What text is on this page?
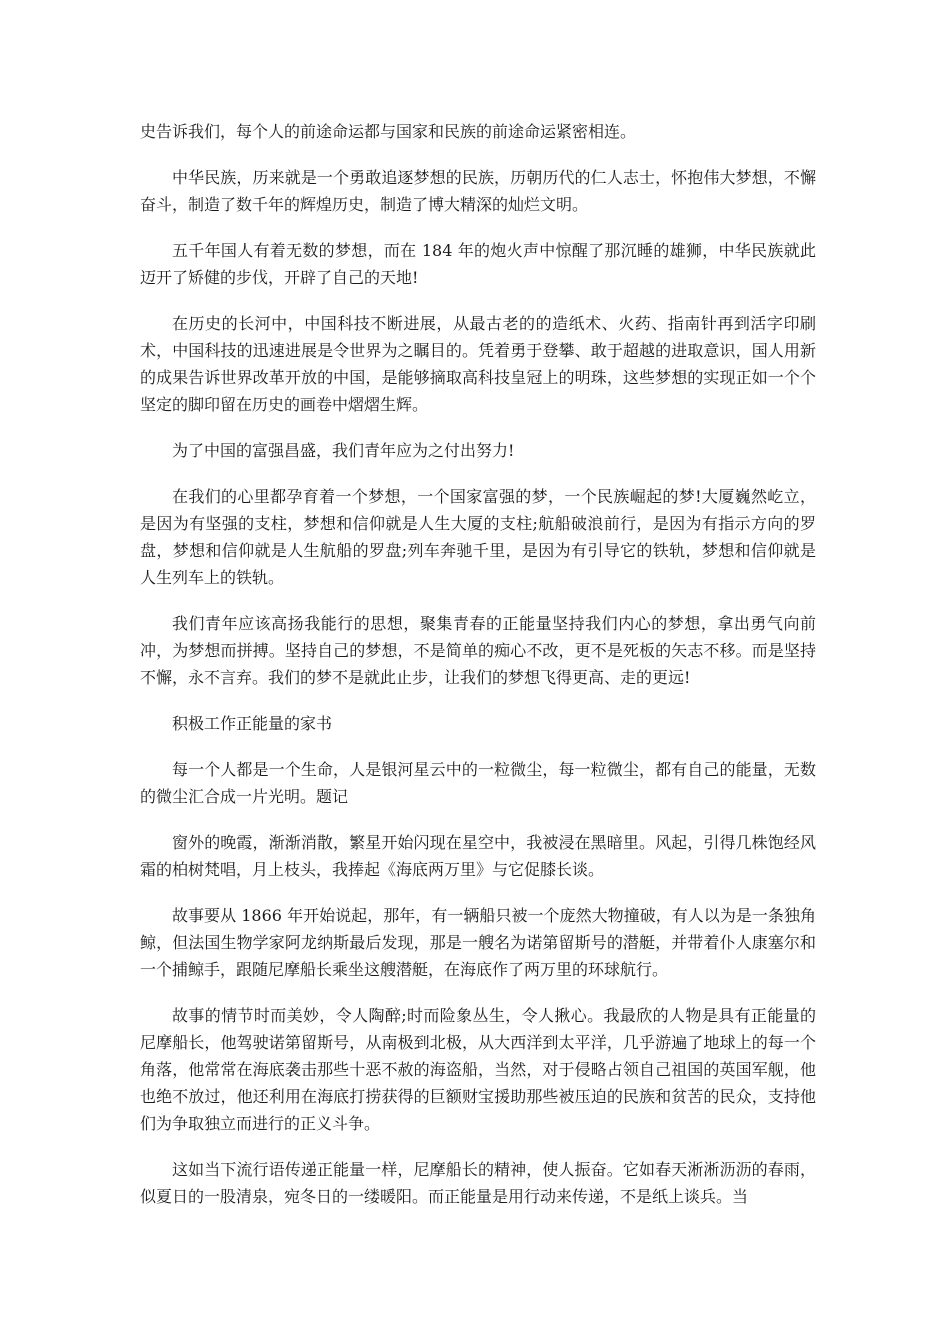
史告诉我们，每个人的前途命运都与国家和民族的前途命运紧密相连。

中华民族，历来就是一个勇敢追逐梦想的民族，历朝历代的仁人志士，怀抱伟大梦想，不懈奋斗，制造了数千年的辉煌历史，制造了博大精深的灿烂文明。

五千年国人有着无数的梦想，而在 184 年的炮火声中惊醒了那沉睡的雄狮，中华民族就此迈开了矫健的步伐，开辟了自己的天地!

在历史的长河中，中国科技不断进展，从最古老的的造纸术、火药、指南针再到活字印刷术，中国科技的迅速进展是令世界为之瞩目的。凭着勇于登攀、敢于超越的进取意识，国人用新的成果告诉世界改革开放的中国，是能够摘取高科技皇冠上的明珠，这些梦想的实现正如一个个坚定的脚印留在历史的画卷中熠熠生辉。

为了中国的富强昌盛，我们青年应为之付出努力!

在我们的心里都孕育着一个梦想，一个国家富强的梦，一个民族崛起的梦!大厦巍然屹立，是因为有坚强的支柱，梦想和信仰就是人生大厦的支柱;航船破浪前行，是因为有指示方向的罗盘，梦想和信仰就是人生航船的罗盘;列车奔驰千里，是因为有引导它的铁轨，梦想和信仰就是人生列车上的铁轨。

我们青年应该高扬我能行的思想，聚集青春的正能量坚持我们内心的梦想，拿出勇气向前冲，为梦想而拼搏。坚持自己的梦想，不是简单的痴心不改，更不是死板的矢志不移。而是坚持不懈，永不言弃。我们的梦不是就此止步，让我们的梦想飞得更高、走的更远!

积极工作正能量的家书

每一个人都是一个生命，人是银河星云中的一粒微尘，每一粒微尘，都有自己的能量，无数的微尘汇合成一片光明。题记

窗外的晚霞，渐渐消散，繁星开始闪现在星空中，我被浸在黑暗里。风起，引得几株饱经风霜的柏树梵唱，月上枝头，我捧起《海底两万里》与它促膝长谈。

故事要从 1866 年开始说起，那年，有一辆船只被一个庞然大物撞破，有人以为是一条独角鲸，但法国生物学家阿龙纳斯最后发现，那是一艘名为诺第留斯号的潜艇，并带着仆人康塞尔和一个捕鲸手，跟随尼摩船长乘坐这艘潜艇，在海底作了两万里的环球航行。

故事的情节时而美妙，令人陶醉;时而险象丛生，令人揪心。我最欣的人物是具有正能量的尼摩船长，他驾驶诺第留斯号，从南极到北极，从大西洋到太平洋，几乎游遍了地球上的每一个角落，他常常在海底袭击那些十恶不赦的海盗船，当然，对于侵略占领自己祖国的英国军舰，他也绝不放过，他还利用在海底打捞获得的巨额财宝援助那些被压迫的民族和贫苦的民众，支持他们为争取独立而进行的正义斗争。

这如当下流行语传递正能量一样，尼摩船长的精神，使人振奋。它如春天淅淅沥沥的春雨，似夏日的一股清泉，宛冬日的一缕暖阳。而正能量是用行动来传递，不是纸上谈兵。当
